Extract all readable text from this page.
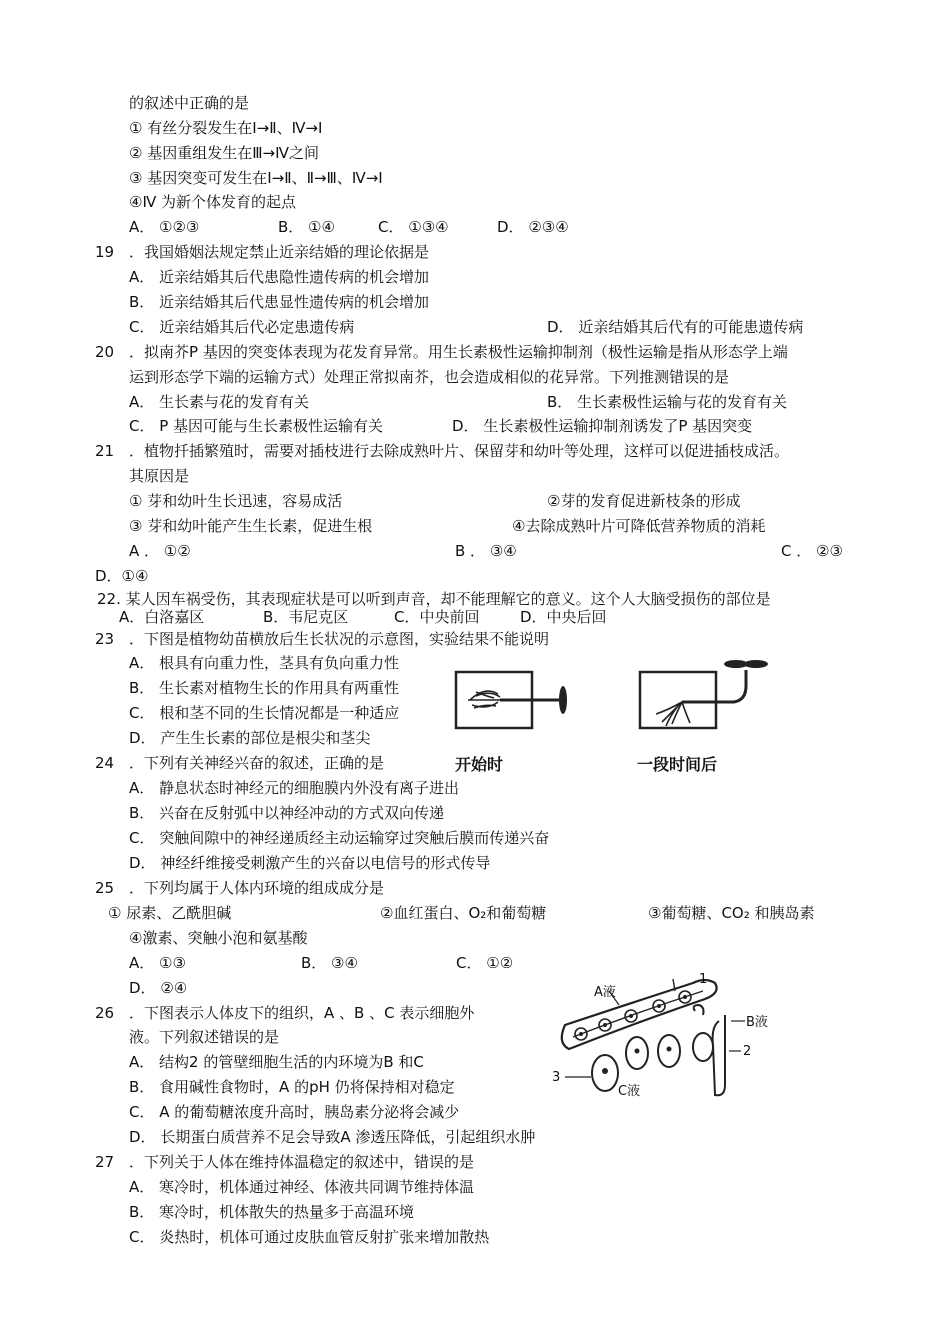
的叙述中正确的是
① 有丝分裂发生在Ⅰ→Ⅱ、Ⅳ→Ⅰ
② 基因重组发生在Ⅲ→Ⅳ之间
③ 基因突变可发生在Ⅰ→Ⅱ、Ⅱ→Ⅲ、Ⅳ→Ⅰ
④Ⅳ 为新个体发育的起点
A． ①②③	B． ①④	C． ①③④	D． ②③④
19 ．我国婚姻法规定禁止近亲结婚的理论依据是
A． 近亲结婚其后代患隐性遗传病的机会增加
B． 近亲结婚其后代患显性遗传病的机会增加
C． 近亲结婚其后代必定患遗传病	D． 近亲结婚其后代有的可能患遗传病
20 ．拟南芥P 基因的突变体表现为花发育异常。用生长素极性运输抑制剂（极性运输是指从形态学上端
运到形态学下端的运输方式）处理正常拟南芥，也会造成相似的花异常。下列推测错误的是
A． 生长素与花的发育有关	B． 生长素极性运输与花的发育有关
C． P 基因可能与生长素极性运输有关	D． 生长素极性运输抑制剂诱发了P 基因突变
21 ．植物扦插繁殖时，需要对插枝进行去除成熟叶片、保留芽和幼叶等处理，这样可以促进插枝成活。
其原因是
① 芽和幼叶生长迅速，容易成活	②芽的发育促进新枝条的形成
③ 芽和幼叶能产生生长素，促进生根	④去除成熟叶片可降低营养物质的消耗
A ． ①②	B ． ③④	C ． ②③
D．①④
22. 某人因车祸受伤，其表现症状是可以听到声音，却不能理解它的意义。这个人大脑受损伤的部位是
A．白洛嘉区	B．韦尼克区	C．中央前回	D．中央后回
23 ．下图是植物幼苗横放后生长状况的示意图，实验结果不能说明
A． 根具有向重力性，茎具有负向重力性
B． 生长素对植物生长的作用具有两重性
C． 根和茎不同的生长情况都是一种适应
D． 产生生长素的部位是根尖和茎尖
24 ．下列有关神经兴奋的叙述，正确的是
A． 静息状态时神经元的细胞膜内外没有离子进出
B． 兴奋在反射弧中以神经冲动的方式双向传递
C． 突触间隙中的神经递质经主动运输穿过突触后膜而传递兴奋
D． 神经纤维接受刺激产生的兴奋以电信号的形式传导
25 ．下列均属于人体内环境的组成成分是
① 尿素、乙酰胆碱	②血红蛋白、O₂和葡萄糖	③葡萄糖、CO₂ 和胰岛素
④激素、突触小泡和氨基酸
A． ①③	B． ③④	C． ①②
D． ②④
26 ．下图表示人体皮下的组织，A 、B 、C 表示细胞外
液。下列叙述错误的是
A． 结构2 的管壁细胞生活的内环境为B 和C
B． 食用碱性食物时，A 的pH 仍将保持相对稳定
C． A 的葡萄糖浓度升高时，胰岛素分泌将会减少
D． 长期蛋白质营养不足会导致A 渗透压降低，引起组织水肿
27 ．下列关于人体在维持体温稳定的叙述中，错误的是
A． 寒冷时，机体通过神经、体液共同调节维持体温
B． 寒冷时，机体散失的热量多于高温环境
C． 炎热时，机体可通过皮肤血管反射扩张来增加散热
开始时	一段时间后
A液
1
B液
2
3
C液
